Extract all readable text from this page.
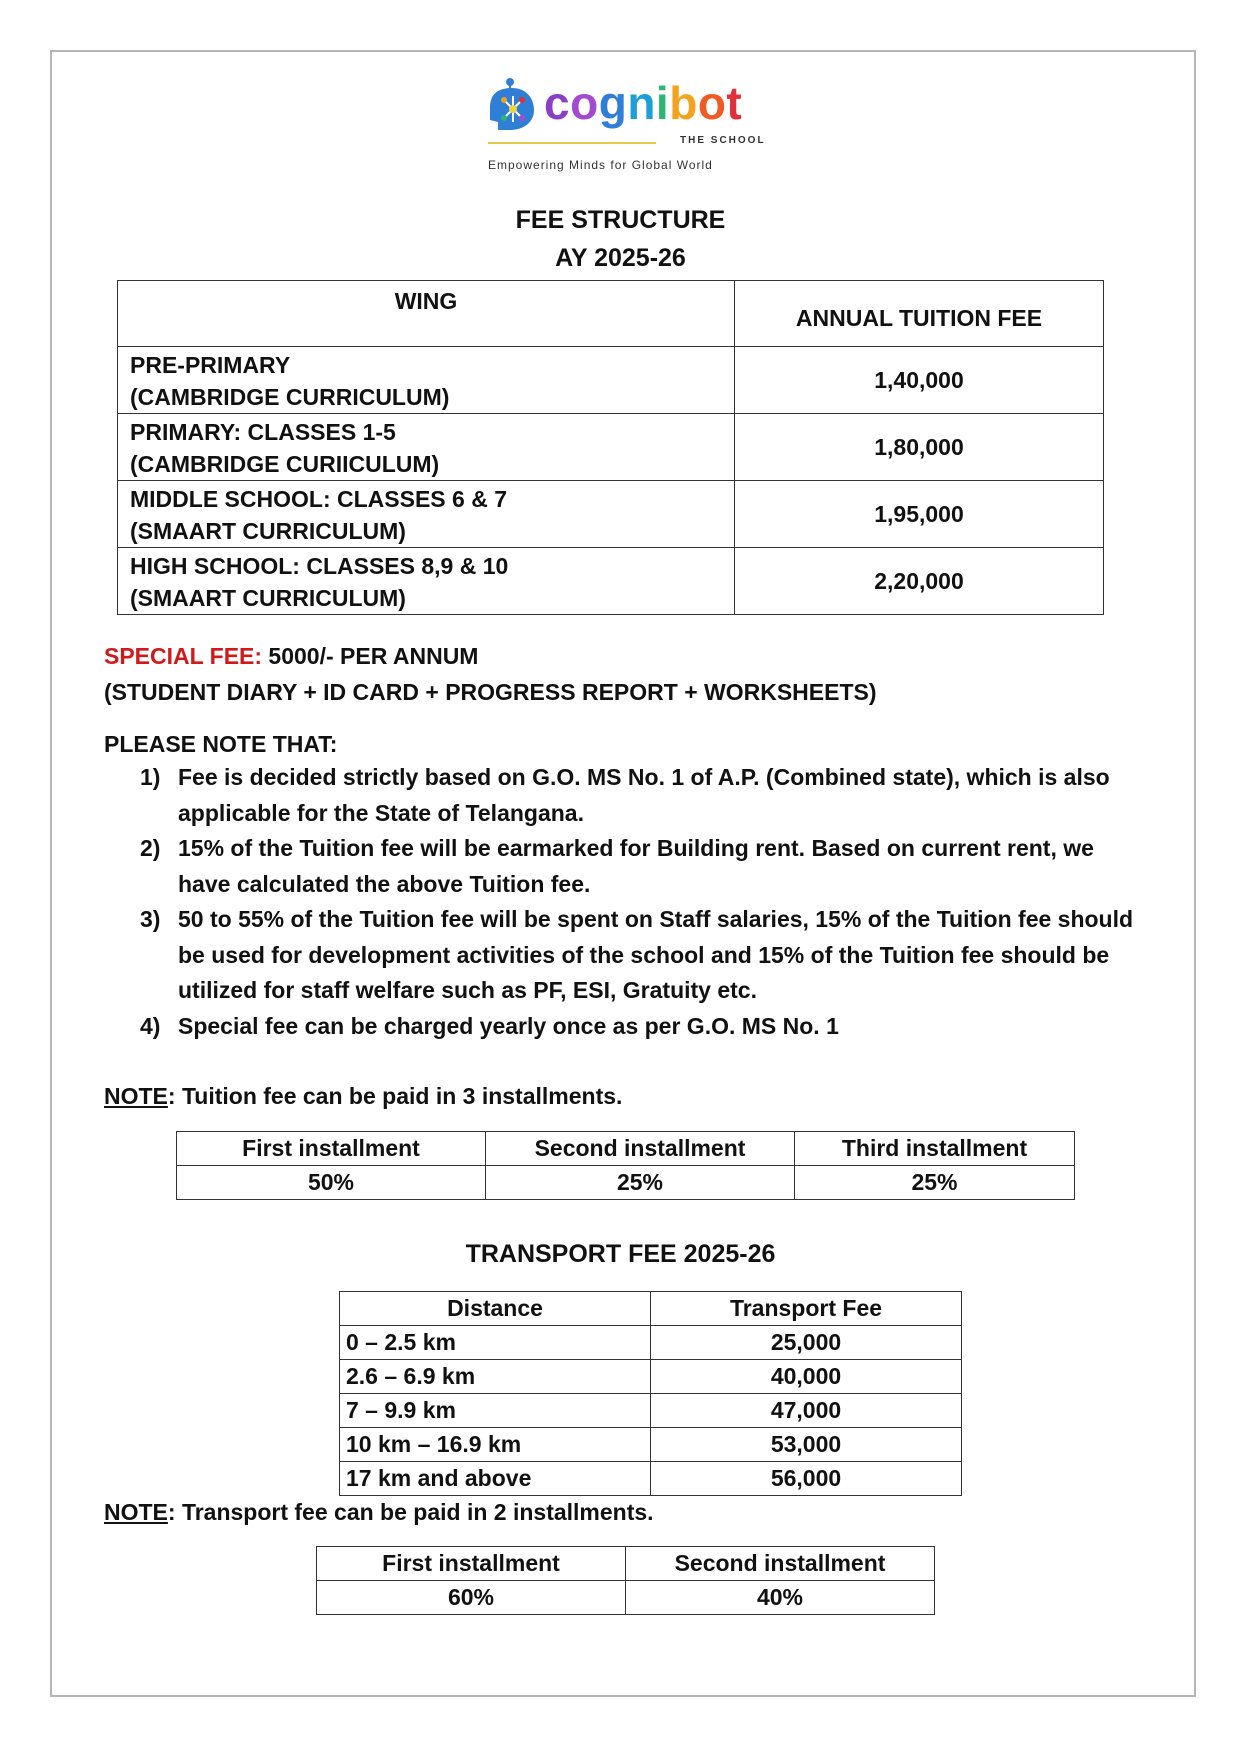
cognibot
THE SCHOOL
Empowering Minds for Global World
FEE STRUCTURE
AY 2025-26
WING	ANNUAL TUITION FEE

PRE-PRIMARY
(CAMBRIDGE CURRICULUM)	1,40,000

PRIMARY: CLASSES 1-5
(CAMBRIDGE CURIICULUM)	1,80,000

MIDDLE SCHOOL: CLASSES 6 & 7
(SMAART CURRICULUM)	1,95,000

HIGH SCHOOL: CLASSES 8,9 & 10
(SMAART CURRICULUM)	2,20,000
SPECIAL FEE: 5000/- PER ANNUM
(STUDENT DIARY + ID CARD + PROGRESS REPORT + WORKSHEETS)
PLEASE NOTE THAT:
1) Fee is decided strictly based on G.O. MS No. 1 of A.P. (Combined state), which is also applicable for the State of Telangana.
2) 15% of the Tuition fee will be earmarked for Building rent. Based on current rent, we have calculated the above Tuition fee.
3) 50 to 55% of the Tuition fee will be spent on Staff salaries, 15% of the Tuition fee should be used for development activities of the school and 15% of the Tuition fee should be utilized for staff welfare such as PF, ESI, Gratuity etc.
4) Special fee can be charged yearly once as per G.O. MS No. 1
NOTE: Tuition fee can be paid in 3 installments.
First installment	Second installment	Third installment
50%	25%	25%
TRANSPORT FEE 2025-26
Distance	Transport Fee
0 – 2.5 km	25,000
2.6 – 6.9 km	40,000
7 – 9.9 km	47,000
10 km – 16.9 km	53,000
17 km and above	56,000
NOTE: Transport fee can be paid in 2 installments.
First installment	Second installment
60%	40%
